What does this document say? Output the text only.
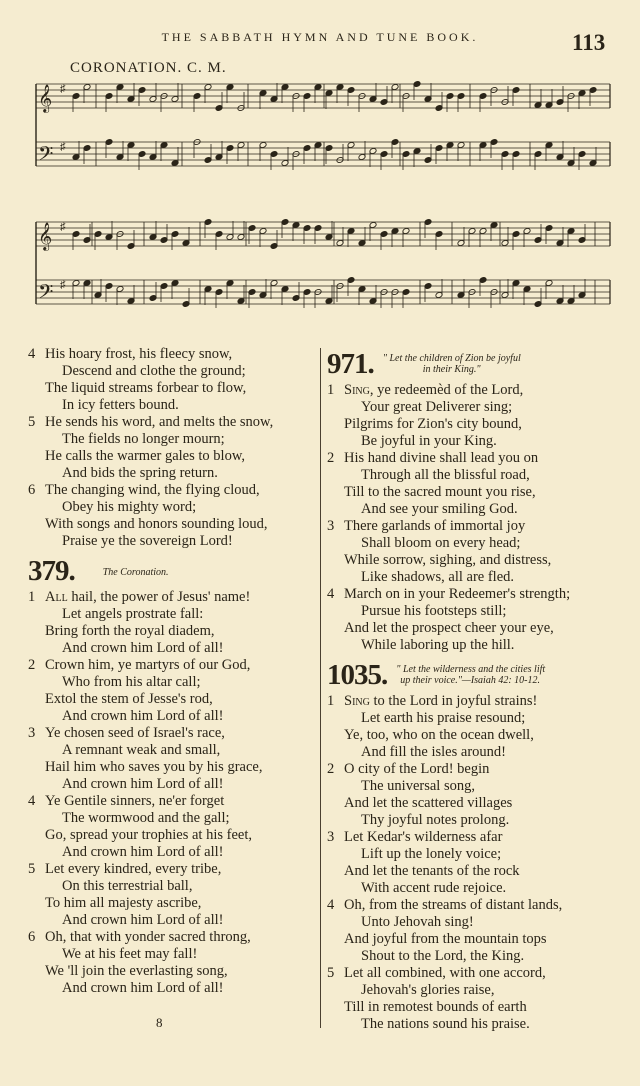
THE SABBATH HYMN AND TUNE BOOK.	113
CORONATION. C. M.
𝄞 ♯
𝄢 ♯
𝄞 ♯
𝄢 ♯
4 His hoary frost, his fleecy snow,
Descend and clothe the ground;
The liquid streams forbear to flow,
In icy fetters bound.
5 He sends his word, and melts the snow,
The fields no longer mourn;
He calls the warmer gales to blow,
And bids the spring return.
6 The changing wind, the flying cloud,
Obey his mighty word;
With songs and honors sounding loud,
Praise ye the sovereign Lord!
379.	The Coronation.
1 All hail, the power of Jesus' name!
Let angels prostrate fall:
Bring forth the royal diadem,
And crown him Lord of all!
2 Crown him, ye martyrs of our God,
Who from his altar call;
Extol the stem of Jesse's rod,
And crown him Lord of all!
3 Ye chosen seed of Israel's race,
A remnant weak and small,
Hail him who saves you by his grace,
And crown him Lord of all!
4 Ye Gentile sinners, ne'er forget
The wormwood and the gall;
Go, spread your trophies at his feet,
And crown him Lord of all!
5 Let every kindred, every tribe,
On this terrestrial ball,
To him all majesty ascribe,
And crown him Lord of all!
6 Oh, that with yonder sacred throng,
We at his feet may fall!
We 'll join the everlasting song,
And crown him Lord of all!
8
971. " Let the children of Zion be joyful
in their King."
1 Sing, ye redeemèd of the Lord,
Your great Deliverer sing;
Pilgrims for Zion's city bound,
Be joyful in your King.
2 His hand divine shall lead you on
Through all the blissful road,
Till to the sacred mount you rise,
And see your smiling God.
3 There garlands of immortal joy
Shall bloom on every head;
While sorrow, sighing, and distress,
Like shadows, all are fled.
4 March on in your Redeemer's strength;
Pursue his footsteps still;
And let the prospect cheer your eye,
While laboring up the hill.
1035. " Let the wilderness and the cities lift
up their voice."—Isaiah 42: 10-12.
1 Sing to the Lord in joyful strains!
Let earth his praise resound;
Ye, too, who on the ocean dwell,
And fill the isles around!
2 O city of the Lord! begin
The universal song,
And let the scattered villages
Thy joyful notes prolong.
3 Let Kedar's wilderness afar
Lift up the lonely voice;
And let the tenants of the rock
With accent rude rejoice.
4 Oh, from the streams of distant lands,
Unto Jehovah sing!
And joyful from the mountain tops
Shout to the Lord, the King.
5 Let all combined, with one accord,
Jehovah's glories raise,
Till in remotest bounds of earth
The nations sound his praise.
